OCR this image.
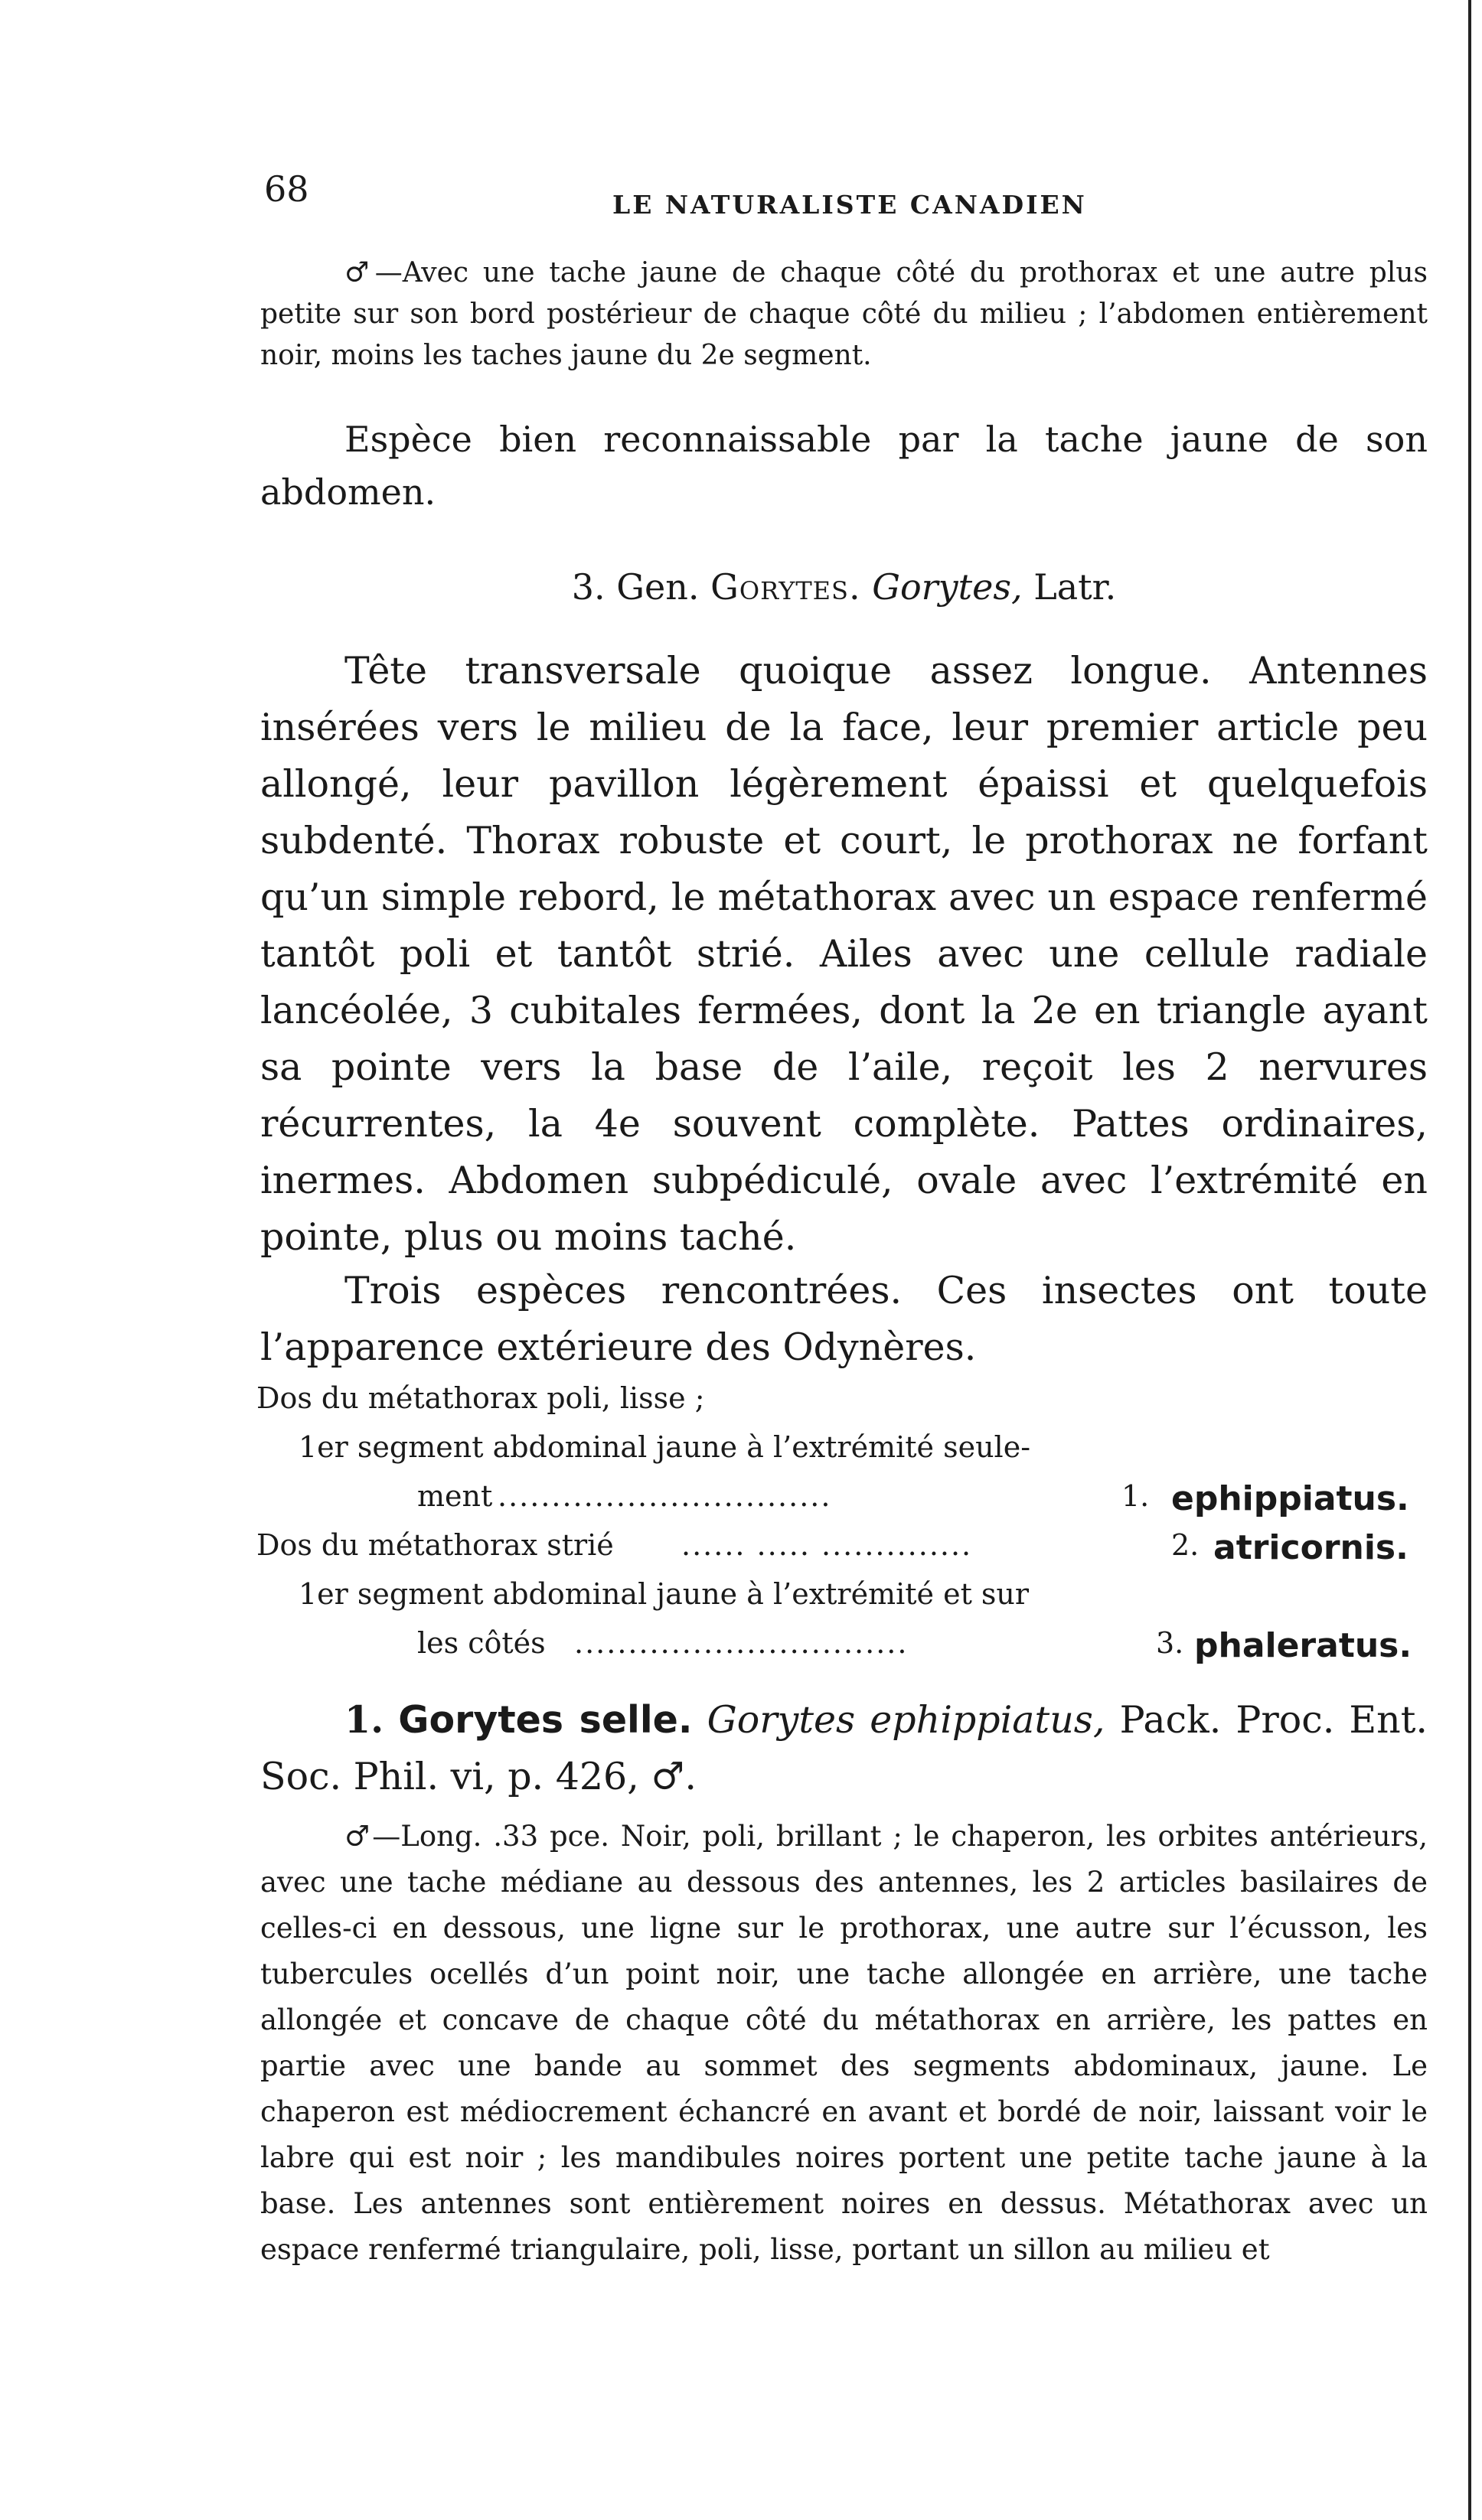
68	LE NATURALISTE CANADIEN
♂—Avec une tache jaune de chaque côté du prothorax et une autre plus petite sur son bord postérieur de chaque côté du milieu ; l’abdomen entièrement noir, moins les taches jaune du 2e segment.
Espèce bien reconnaissable par la tache jaune de son abdomen.
3. Gen. Gorytes. Gorytes, Latr.
Tête transversale quoique assez longue. Antennes insérées vers le milieu de la face, leur premier article peu allongé, leur pavillon légèrement épaissi et quelquefois subdenté. Thorax robuste et court, le prothorax ne forfant qu’un simple rebord, le métathorax avec un espace renfermé tantôt poli et tantôt strié. Ailes avec une cellule radiale lancéolée, 3 cubitales fermées, dont la 2e en triangle ayant sa pointe vers la base de l’aile, reçoit les 2 nervures récurrentes, la 4e souvent complète. Pattes ordinaires, inermes. Abdomen subpédiculé, ovale avec l’extrémité en pointe, plus ou moins taché.
Trois espèces rencontrées. Ces insectes ont toute l’apparence extérieure des Odynères.
Dos du métathorax poli, lisse ;
1er segment abdominal jaune à l’extrémité seule-
ment ...............................	1. ephippiatus.
Dos du métathorax strié ...... ..... ..............	2. atricornis.
1er segment abdominal jaune à l’extrémité et sur
les côtés ...............................	3. phaleratus.
1. Gorytes selle. Gorytes ephippiatus, Pack. Proc. Ent. Soc. Phil. vi, p. 426, ♂.
♂—Long. .33 pce. Noir, poli, brillant ; le chaperon, les orbites antérieurs, avec une tache médiane au dessous des antennes, les 2 articles basilaires de celles-ci en dessous, une ligne sur le prothorax, une autre sur l’écusson, les tubercules ocellés d’un point noir, une tache allongée en arrière, une tache allongée et concave de chaque côté du métathorax en arrière, les pattes en partie avec une bande au sommet des segments abdominaux, jaune. Le chaperon est médiocrement échancré en avant et bordé de noir, laissant voir le labre qui est noir ; les mandibules noires portent une petite tache jaune à la base. Les antennes sont entièrement noires en dessus. Métathorax avec un espace renfermé triangulaire, poli, lisse, portant un sillon au milieu et
